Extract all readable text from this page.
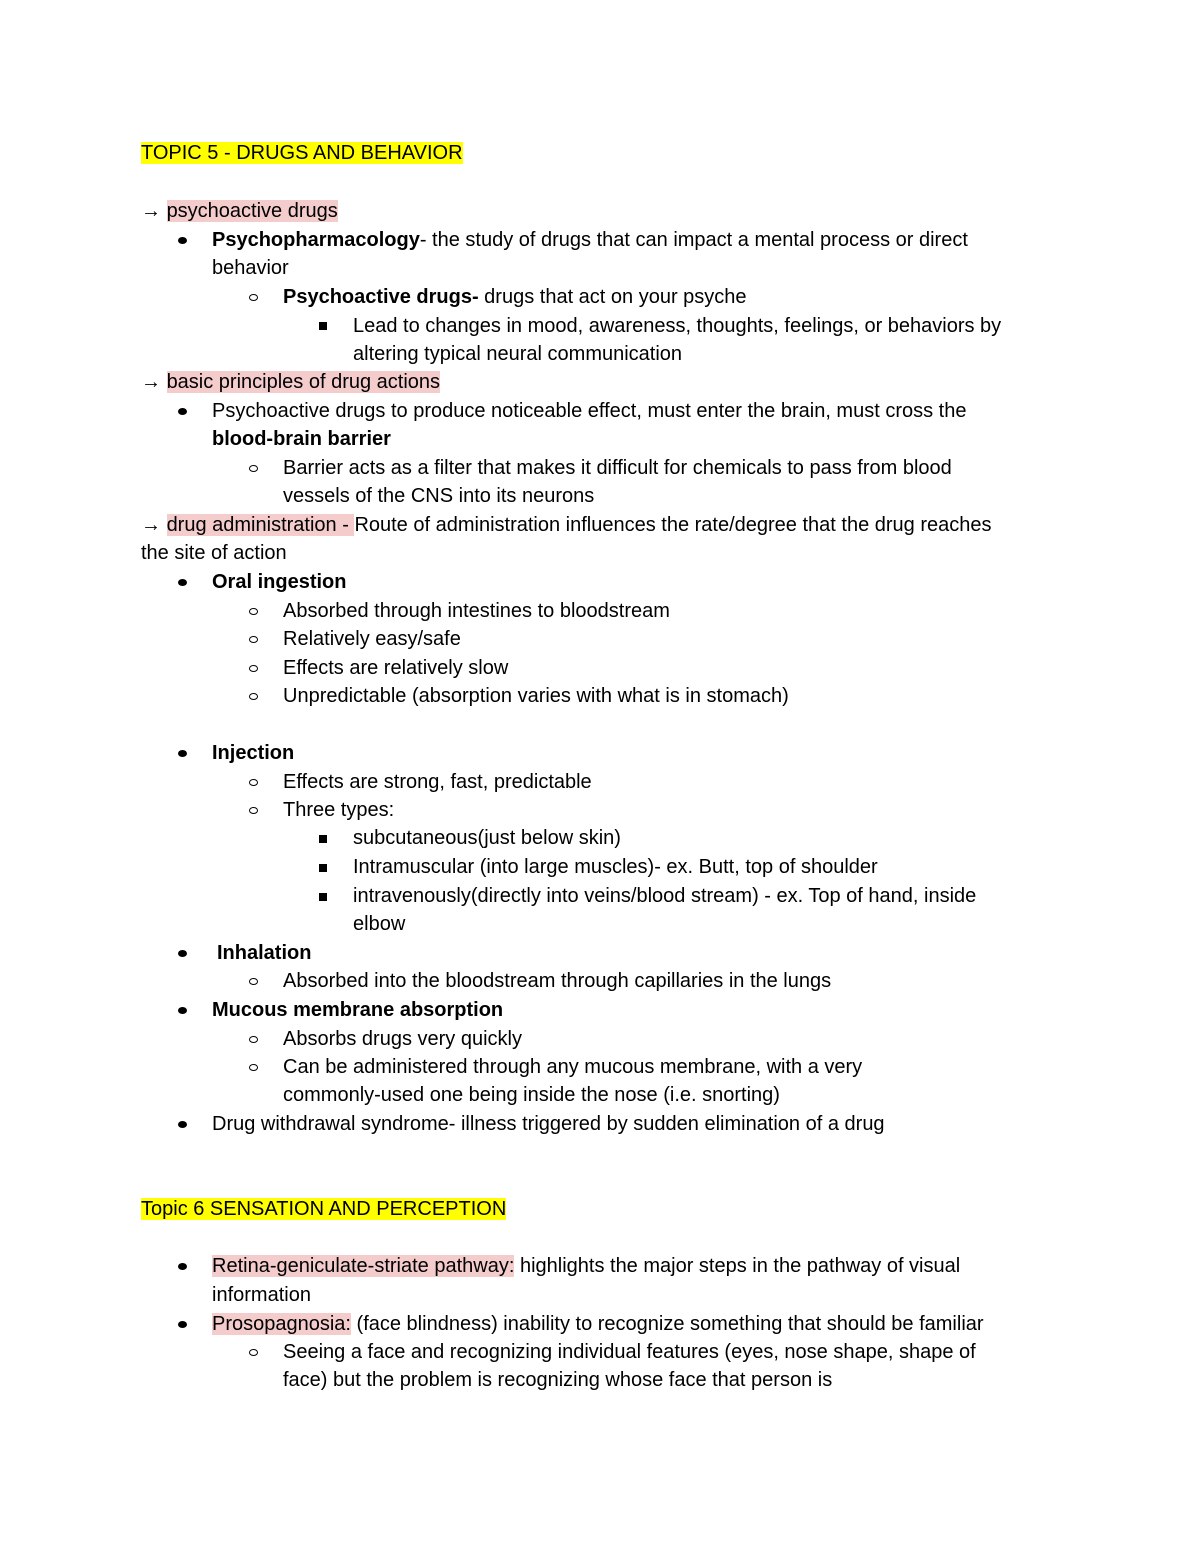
TOPIC 5 - DRUGS AND BEHAVIOR
→ psychoactive drugs
Psychopharmacology- the study of drugs that can impact a mental process or direct
behavior
Psychoactive drugs- drugs that act on your psyche
Lead to changes in mood, awareness, thoughts, feelings, or behaviors by
altering typical neural communication
→ basic principles of drug actions
Psychoactive drugs to produce noticeable effect, must enter the brain, must cross the
blood-brain barrier
Barrier acts as a filter that makes it difficult for chemicals to pass from blood
vessels of the CNS into its neurons
→ drug administration - Route of administration influences the rate/degree that the drug reaches
the site of action
Oral ingestion
Absorbed through intestines to bloodstream
Relatively easy/safe
Effects are relatively slow
Unpredictable (absorption varies with what is in stomach)
Injection
Effects are strong, fast, predictable
Three types:
subcutaneous(just below skin)
Intramuscular (into large muscles)- ex. Butt, top of shoulder
intravenously(directly into veins/blood stream) - ex. Top of hand, inside
elbow
Inhalation
Absorbed into the bloodstream through capillaries in the lungs
Mucous membrane absorption
Absorbs drugs very quickly
Can be administered through any mucous membrane, with a very
commonly-used one being inside the nose (i.e. snorting)
Drug withdrawal syndrome- illness triggered by sudden elimination of a drug
Topic 6 SENSATION AND PERCEPTION
Retina-geniculate-striate pathway: highlights the major steps in the pathway of visual
information
Prosopagnosia: (face blindness) inability to recognize something that should be familiar
Seeing a face and recognizing individual features (eyes, nose shape, shape of
face) but the problem is recognizing whose face that person is
